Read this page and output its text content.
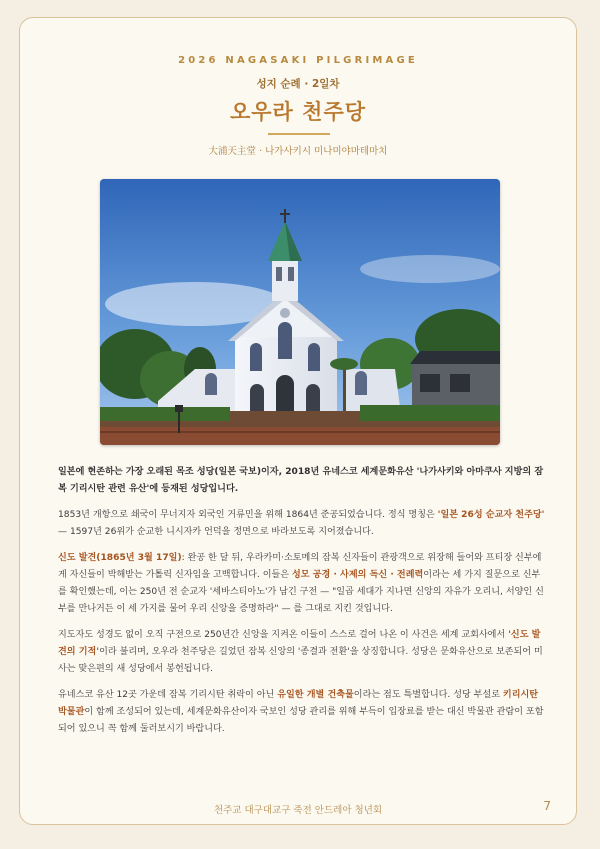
2026 NAGASAKI PILGRIMAGE
성지 순례 · 2일차
오우라 천주당
大浦天主堂 · 나가사키시 미나미야마테마치

일본에 현존하는 가장 오래된 목조 성당(일본 국보)이자, 2018년 유네스코 세계문화유산 '나가사키와 아마쿠사 지방의 잠복 기리시탄 관련 유산'에 등재된 성당입니다.

1853년 개항으로 쇄국이 무너지자 외국인 거류민을 위해 1864년 준공되었습니다. 정식 명칭은 '일본 26성 순교자 천주당' — 1597년 26위가 순교한 니시자카 언덕을 정면으로 바라보도록 지어졌습니다.

신도 발견(1865년 3월 17일): 완공 한 달 뒤, 우라카미·소토메의 잠복 신자들이 관광객으로 위장해 들어와 프티장 신부에게 자신들이 박해받는 가톨릭 신자임을 고백합니다. 이들은 성모 공경 · 사제의 독신 · 전례력이라는 세 가지 질문으로 신부를 확인했는데, 이는 250년 전 순교자 '세바스티아노'가 남긴 구전 — "일곱 세대가 지나면 신앙의 자유가 오리니, 서양인 신부를 만나거든 이 세 가지를 물어 우리 신앙을 증명하라" — 를 그대로 지킨 것입니다.

지도자도 성경도 없이 오직 구전으로 250년간 신앙을 지켜온 이들이 스스로 걸어 나온 이 사건은 세계 교회사에서 '신도 발견의 기적'이라 불리며, 오우라 천주당은 길었던 잠복 신앙의 '종결과 전환'을 상징합니다. 성당은 문화유산으로 보존되어 미사는 맞은편의 새 성당에서 봉헌됩니다.

유네스코 유산 12곳 가운데 잠복 기리시탄 취락이 아닌 유일한 개별 건축물이라는 점도 특별합니다. 성당 부설로 키리시탄 박물관이 함께 조성되어 있는데, 세계문화유산이자 국보인 성당 관리를 위해 부득이 입장료를 받는 대신 박물관 관람이 포함되어 있으니 꼭 함께 둘러보시기 바랍니다.

천주교 대구대교구 죽전 안드레아 청년회	7
